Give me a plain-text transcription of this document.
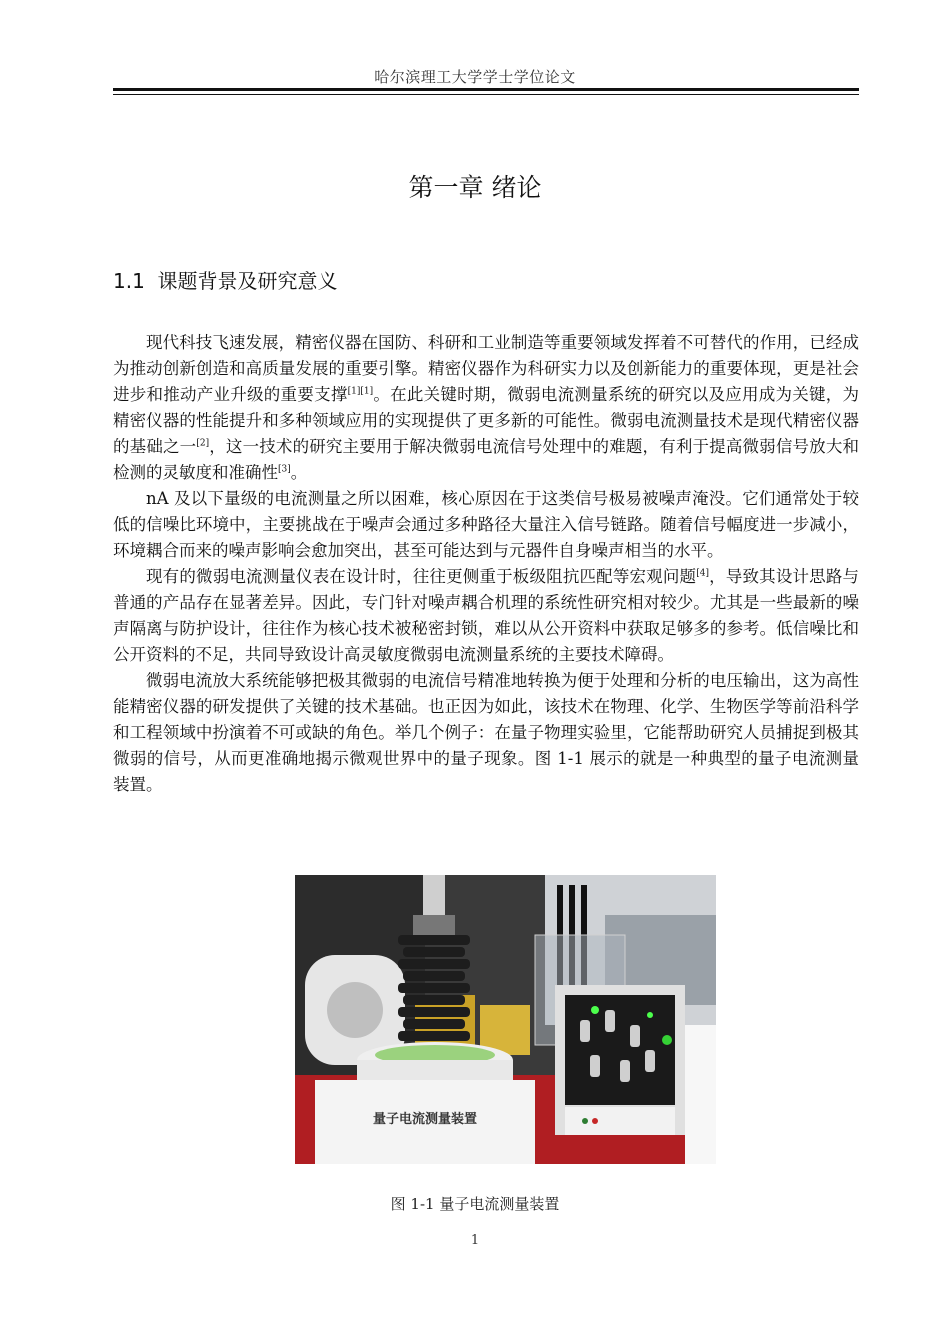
哈尔滨理工大学学士学位论文
第一章 绪论
1.1 课题背景及研究意义

现代科技飞速发展，精密仪器在国防、科研和工业制造等重要领域发挥着不可替代的作用，已经成为推动创新创造和高质量发展的重要引擎。精密仪器作为科研实力以及创新能力的重要体现，更是社会进步和推动产业升级的重要支撑[1][1]。在此关键时期，微弱电流测量系统的研究以及应用成为关键，为精密仪器的性能提升和多种领域应用的实现提供了更多新的可能性。微弱电流测量技术是现代精密仪器的基础之一[2]，这一技术的研究主要用于解决微弱电流信号处理中的难题，有利于提高微弱信号放大和检测的灵敏度和准确性[3]。

nA 及以下量级的电流测量之所以困难，核心原因在于这类信号极易被噪声淹没。它们通常处于较低的信噪比环境中，主要挑战在于噪声会通过多种路径大量注入信号链路。随着信号幅度进一步减小，环境耦合而来的噪声影响会愈加突出，甚至可能达到与元器件自身噪声相当的水平。

现有的微弱电流测量仪表在设计时，往往更侧重于板级阻抗匹配等宏观问题[4]，导致其设计思路与普通的产品存在显著差异。因此，专门针对噪声耦合机理的系统性研究相对较少。尤其是一些最新的噪声隔离与防护设计，往往作为核心技术被秘密封锁，难以从公开资料中获取足够多的参考。低信噪比和公开资料的不足，共同导致设计高灵敏度微弱电流测量系统的主要技术障碍。

微弱电流放大系统能够把极其微弱的电流信号精准地转换为便于处理和分析的电压输出，这为高性能精密仪器的研发提供了关键的技术基础。也正因为如此，该技术在物理、化学、生物医学等前沿科学和工程领域中扮演着不可或缺的角色。举几个例子：在量子物理实验里，它能帮助研究人员捕捉到极其微弱的信号，从而更准确地揭示微观世界中的量子现象。图 1-1 展示的就是一种典型的量子电流测量装置。

量子电流测量装置
图 1-1 量子电流测量装置
1
